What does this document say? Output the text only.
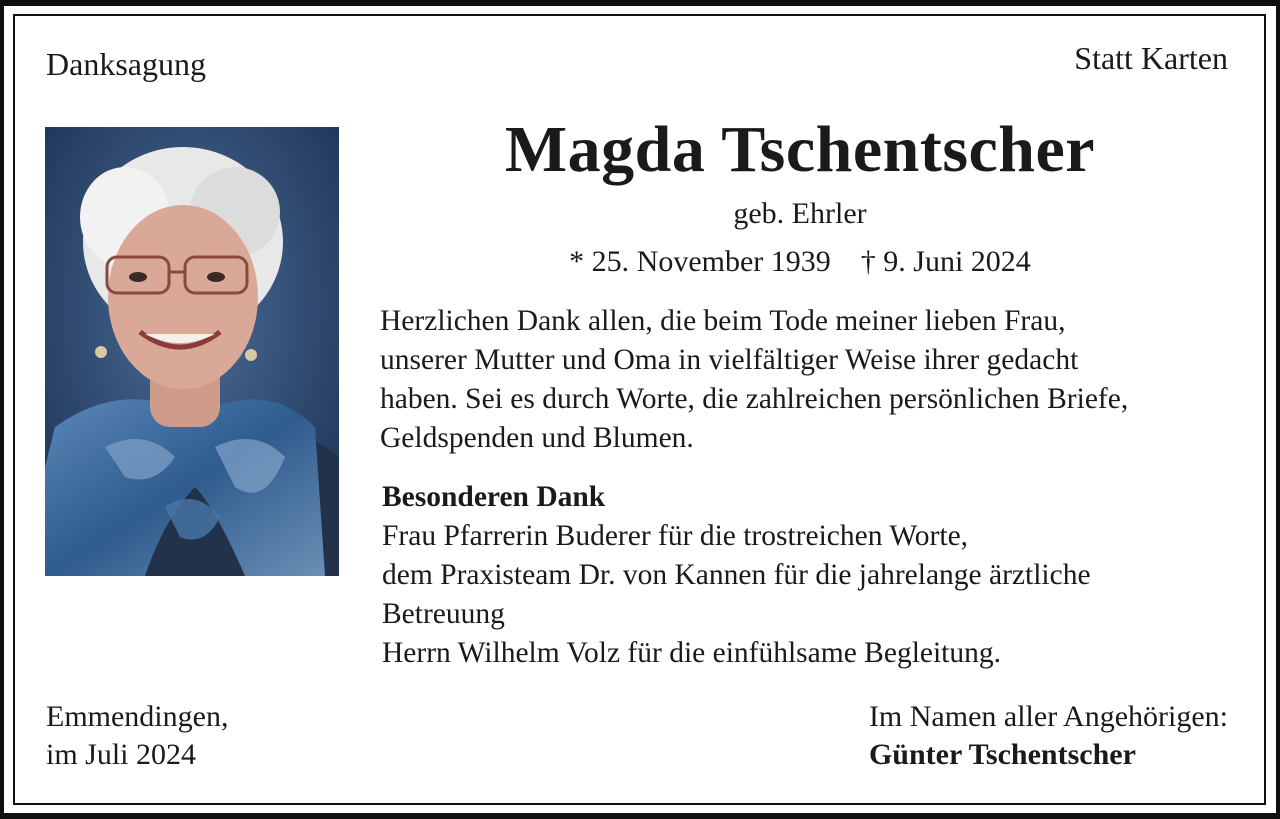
Danksagung	Statt Karten
Magda Tschentscher
geb. Ehrler
* 25. November 1939 † 9. Juni 2024
Herzlichen Dank allen, die beim Tode meiner lieben Frau,
unserer Mutter und Oma in vielfältiger Weise ihrer gedacht
haben. Sei es durch Worte, die zahlreichen persönlichen Briefe,
Geldspenden und Blumen.
Besonderen Dank
Frau Pfarrerin Buderer für die trostreichen Worte,
dem Praxisteam Dr. von Kannen für die jahrelange ärztliche
Betreuung
Herrn Wilhelm Volz für die einfühlsame Begleitung.
Emmendingen,
im Juli 2024
Im Namen aller Angehörigen:
Günter Tschentscher
